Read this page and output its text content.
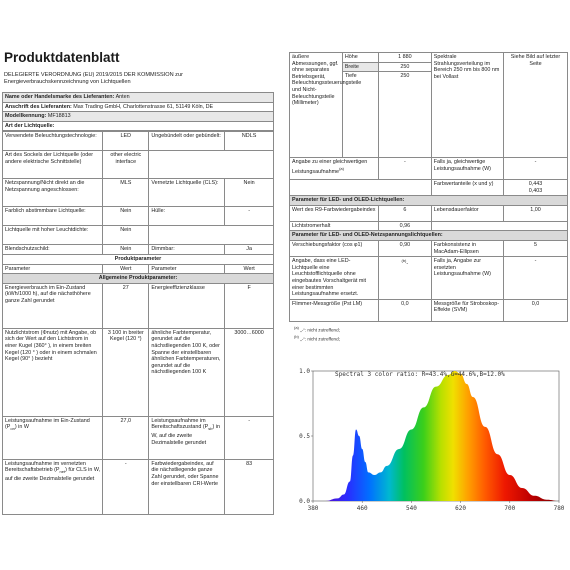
Produktdatenblatt
DELEGIERTE VERORDNUNG (EU) 2019/2015 DER KOMMISSION zur
Energieverbrauchskennzeichnung von Lichtquellen
Name oder Handelsmarke des Lieferanten: Anten
Anschrift des Lieferanten: Max Trading GmbH, Charlottenstrasse 61, 51149 Köln, DE
Modellkennung: MF18813
Art der Lichtquelle:
Verwendete Beleuchtungstechnologie:	LED	Ungebündelt oder gebündelt:	NDLS
Art des Sockels der Lichtquelle (oder andere elektrische Schnittstelle)	other electric interface		
Netzspannung/Nicht direkt an die Netzspannung angeschlossen:	MLS	Vernetzte Lichtquelle (CLS):	Nein
Farblich abstimmbare Lichtquelle:	Nein	Hülle:	-
Lichtquelle mit hoher Leuchtdichte:	Nein		
Blendschutzschild:	Nein	Dimmbar:	Ja
Produktparameter			
Parameter	Wert	Parameter	Wert
Allgemeine Produktparameter:			
Energieverbrauch im Ein-Zustand (kWh/1000 h), auf die nächsthöhere ganze Zahl gerundet	27	Energieeffizienzklasse	F
Nutzlichtstrom (Φnutz) mit Angabe, ob sich der Wert auf den Lichtstrom in einer Kugel (360° ), in einem breiten Kegel (120 ° ) oder in einem schmalen Kegel (90° ) bezieht	3 100 in breiter Kegel (120 °)	ähnliche Farbtemperatur, gerundet auf die nächstliegenden 100 K, oder Spanne der einstellbaren ähnlichen Farbtemperaturen, gerundet auf die nächstliegenden 100 K	3000…6000
Leistungsaufnahme im Ein-Zustand $(P_{on})$ in W	27,0	Leistungsaufnahme im Bereitschaftszustand $(P_{sb})$ in W, auf die zweite Dezimalstelle gerundet	-
Leistungsaufnahme im vernetzten Bereitschaftsbetrieb $(P_{net})$ für CLS in W, auf die zweite Dezimalstelle gerundet	-	Farbwiedergabeindex, auf die nächstliegende ganze Zahl gerundet, oder Spanne der einstellbaren CRI-Werte	83
äußere Abmessungen, ggf. ohne separates Betriebsgerät, Beleuchtungssteuerungsteile und Nicht-Beleuchtungsteile (Millimeter)	Höhe	1 880	Spektrale Strahlungsverteilung im Bereich 250 nm bis 800 nm bei Vollast	Siehe Bild auf letzter Seite
	Breite	250		
	Tiefe	250		
Angabe zu einer gleichwertigen Leistungsaufnahme$^{(a)}$		-	Falls ja, gleichwertige Leistungsaufnahme (W)	-
			Farbwertanteile (x und y)	0,443
0,403

Parameter für LED- und OLED-Lichtquellen:				
Wert des R9-Farbwiedergabeindex		6	Lebensdauerfaktor	1,00
Lichtstromerhalt		0,96		
Parameter für LED- und OLED-Netzspannungslichtquellen:				
Verschiebungsfaktor (cos φ1)		0,90	Farbkonsistenz in MacAdam-Ellipsen	5
Angabe, dass eine LED-Lichtquelle eine Leuchtstofflichtquelle ohne eingebautes Vorschaltgerät mit einer bestimmten Leistungsaufnahme ersetzt.		$^{(b)}$-	Falls ja, Angabe zur ersetzten Leistungsaufnahme (W)	-
Flimmer-Messgröße (Pst LM)		0,0	Messgröße für Stroboskop-Effekte (SVM)	0,0
$^{(a)}$ „-“: nicht zutreffend;
$^{(b)}$ „-“: nicht zutreffend;
380	460	540	620	700	780
0.0
0.5
1.0	Spectral 3 color ratio: R=43.4%,G=44.6%,B=12.0%
